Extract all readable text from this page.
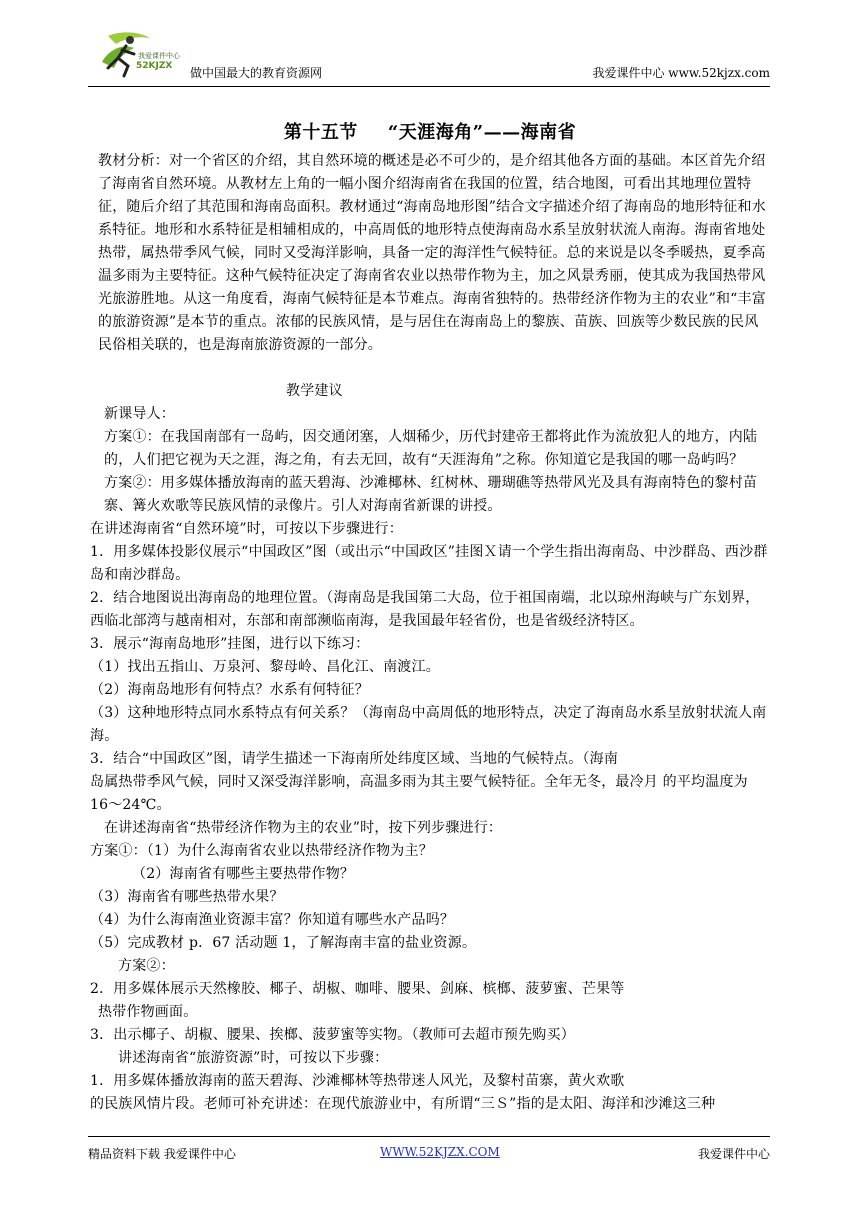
52KJZX
我爱课件中心
做中国最大的教育资源网	我爱课件中心 www.52kjzx.com
第十五节 “天涯海角”——海南省

教材分析：对一个省区的介绍，其自然环境的概述是必不可少的，是介绍其他各方面的基础。本区首先介绍了海南省自然环境。从教材左上角的一幅小图介绍海南省在我国的位置，结合地图，可看出其地理位置特征，随后介绍了其范围和海南岛面积。教材通过“海南岛地形图”结合文字描述介绍了海南岛的地形特征和水系特征。地形和水系特征是相辅相成的，中高周低的地形特点使海南岛水系呈放射状流人南海。海南省地处热带，属热带季风气候，同时又受海洋影响，具备一定的海洋性气候特征。总的来说是以冬季暖热，夏季高温多雨为主要特征。这种气候特征决定了海南省农业以热带作物为主，加之风景秀丽，使其成为我国热带风光旅游胜地。从这一角度看，海南气候特征是本节难点。海南省独特的。热带经济作物为主的农业”和“丰富的旅游资源”是本节的重点。浓郁的民族风情，是与居住在海南岛上的黎族、苗族、回族等少数民族的民风民俗相关联的，也是海南旅游资源的一部分。

教学建议

新课导人：

方案①：在我国南部有一岛屿，因交通闭塞，人烟稀少，历代封建帝王都将此作为流放犯人的地方，内陆的，人们把它视为天之涯，海之角，有去无回，故有“天涯海角”之称。你知道它是我国的哪一岛屿吗？

方案②：用多媒体播放海南的蓝天碧海、沙滩椰林、红树林、珊瑚礁等热带风光及具有海南特色的黎村苗寨、篝火欢歌等民族风情的录像片。引人对海南省新课的讲授。

在讲述海南省“自然环境”时，可按以下步骤进行：

1．用多媒体投影仪展示“中国政区”图（或出示“中国政区”挂图Ｘ请一个学生指出海南岛、中沙群岛、西沙群岛和南沙群岛。

2．结合地图说出海南岛的地理位置。（海南岛是我国第二大岛，位于祖国南端，北以琼州海峡与广东划界，西临北部湾与越南相对，东部和南部濒临南海，是我国最年轻省份，也是省级经济特区。

3．展示“海南岛地形”挂图，进行以下练习：

（1）找出五指山、万泉河、黎母岭、昌化江、南渡江。

（2）海南岛地形有何特点？水系有何特征？

（3）这种地形特点同水系特点有何关系？（海南岛中高周低的地形特点，决定了海南岛水系呈放射状流人南海。

3．结合“中国政区”图，请学生描述一下海南所处纬度区域、当地的气候特点。（海南

岛属热带季风气候，同时又深受海洋影响，高温多雨为其主要气候特征。全年无冬，最冷月 的平均温度为 16～24℃。

在讲述海南省“热带经济作物为主的农业”时，按下列步骤进行：

方案①：（1）为什么海南省农业以热带经济作物为主？

（2）海南省有哪些主要热带作物？

（3）海南省有哪些热带水果？

（4）为什么海南渔业资源丰富？你知道有哪些水产品吗？

（5）完成教材 p．67 活动题 1，了解海南丰富的盐业资源。

方案②：

2．用多媒体展示天然橡胶、椰子、胡椒、咖啡、腰果、剑麻、槟榔、菠萝蜜、芒果等

热带作物画面。

3．出示椰子、胡椒、腰果、挨榔、菠萝蜜等实物。（教师可去超市预先购买）

讲述海南省“旅游资源”时，可按以下步骤：

1．用多媒体播放海南的蓝天碧海、沙滩椰林等热带迷人风光，及黎村苗寨，黄火欢歌

的民族风情片段。老师可补充讲述：在现代旅游业中，有所谓“三Ｓ”指的是太阳、海洋和沙滩这三种

精品资料下载 我爱课件中心	WWW.52KJZX.COM	我爱课件中心
